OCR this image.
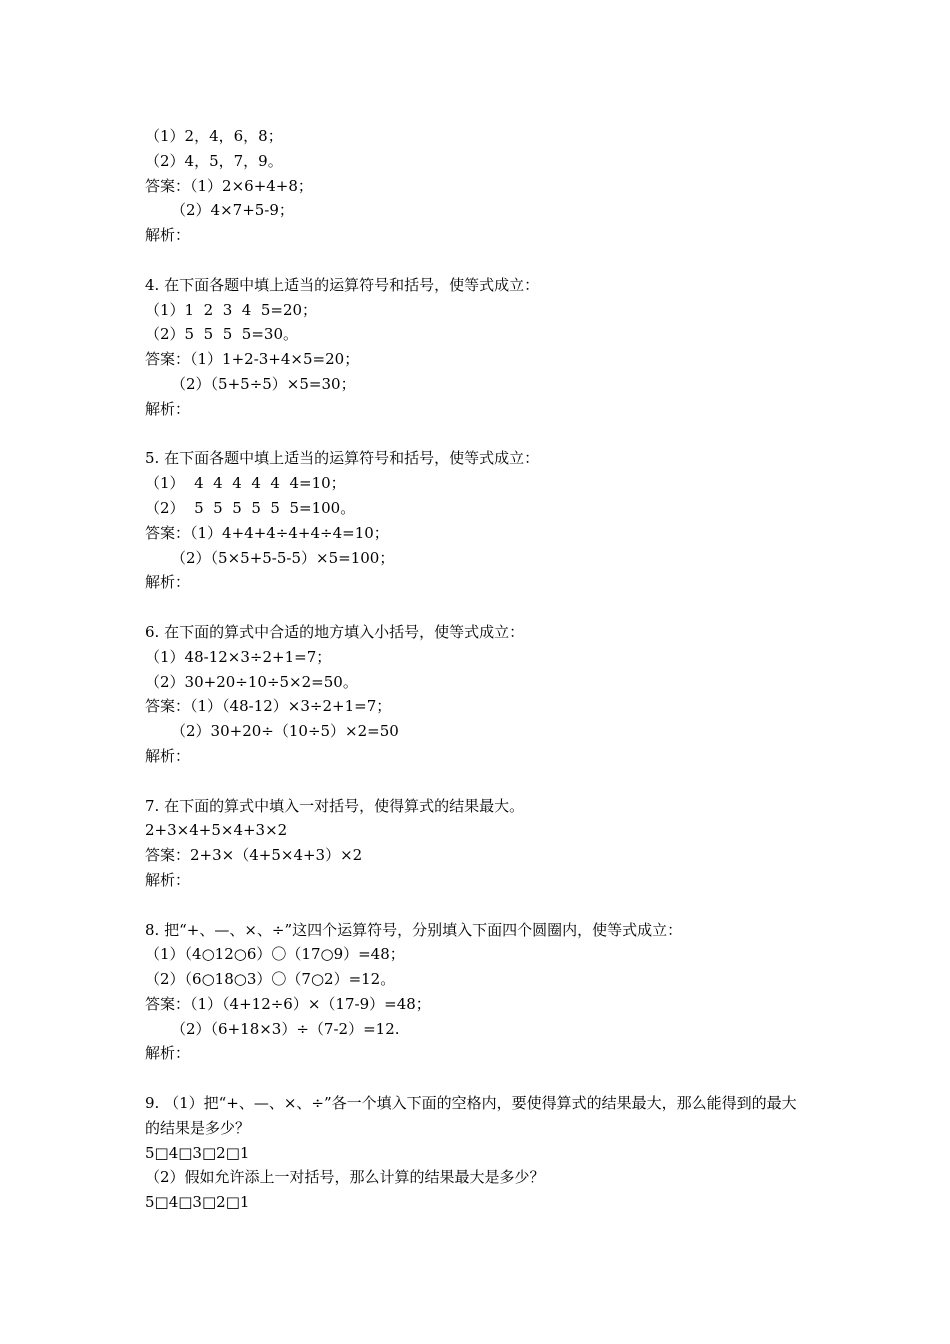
（1）2，4，6，8；
（2）4，5，7，9。
答案：（1）2×6+4+8；
（2）4×7+5-9；
解析：
4. 在下面各题中填上适当的运算符号和括号，使等式成立：
（1）1  2  3  4  5=20；
（2）5  5  5  5=30。
答案：（1）1+2-3+4×5=20；
（2）（5+5÷5）×5=30；
解析：
5. 在下面各题中填上适当的运算符号和括号，使等式成立：
（1）  4  4  4  4  4  4=10；
（2）  5  5  5  5  5  5=100。
答案：（1）4+4+4÷4+4÷4=10；
（2）（5×5+5-5-5）×5=100；
解析：
6. 在下面的算式中合适的地方填入小括号，使等式成立：
（1）48-12×3÷2+1=7；
（2）30+20÷10÷5×2=50。
答案：（1）（48-12）×3÷2+1=7；
（2）30+20÷（10÷5）×2=50
解析：
7. 在下面的算式中填入一对括号，使得算式的结果最大。
2+3×4+5×4+3×2
答案：2+3×（4+5×4+3）×2
解析：
8. 把“+、—、×、÷”这四个运算符号，分别填入下面四个圆圈内，使等式成立：
（1）（4○12○6）〇（17○9）=48；
（2）（6○18○3）〇（7○2）=12。
答案：（1）（4+12÷6）×（17-9）=48；
（2）（6+18×3）÷（7-2）=12.
解析：
9. （1）把“+、—、×、÷”各一个填入下面的空格内，要使得算式的结果最大，那么能得到的最大的结果是多少？
5□4□3□2□1
（2）假如允许添上一对括号，那么计算的结果最大是多少？
5□4□3□2□1
